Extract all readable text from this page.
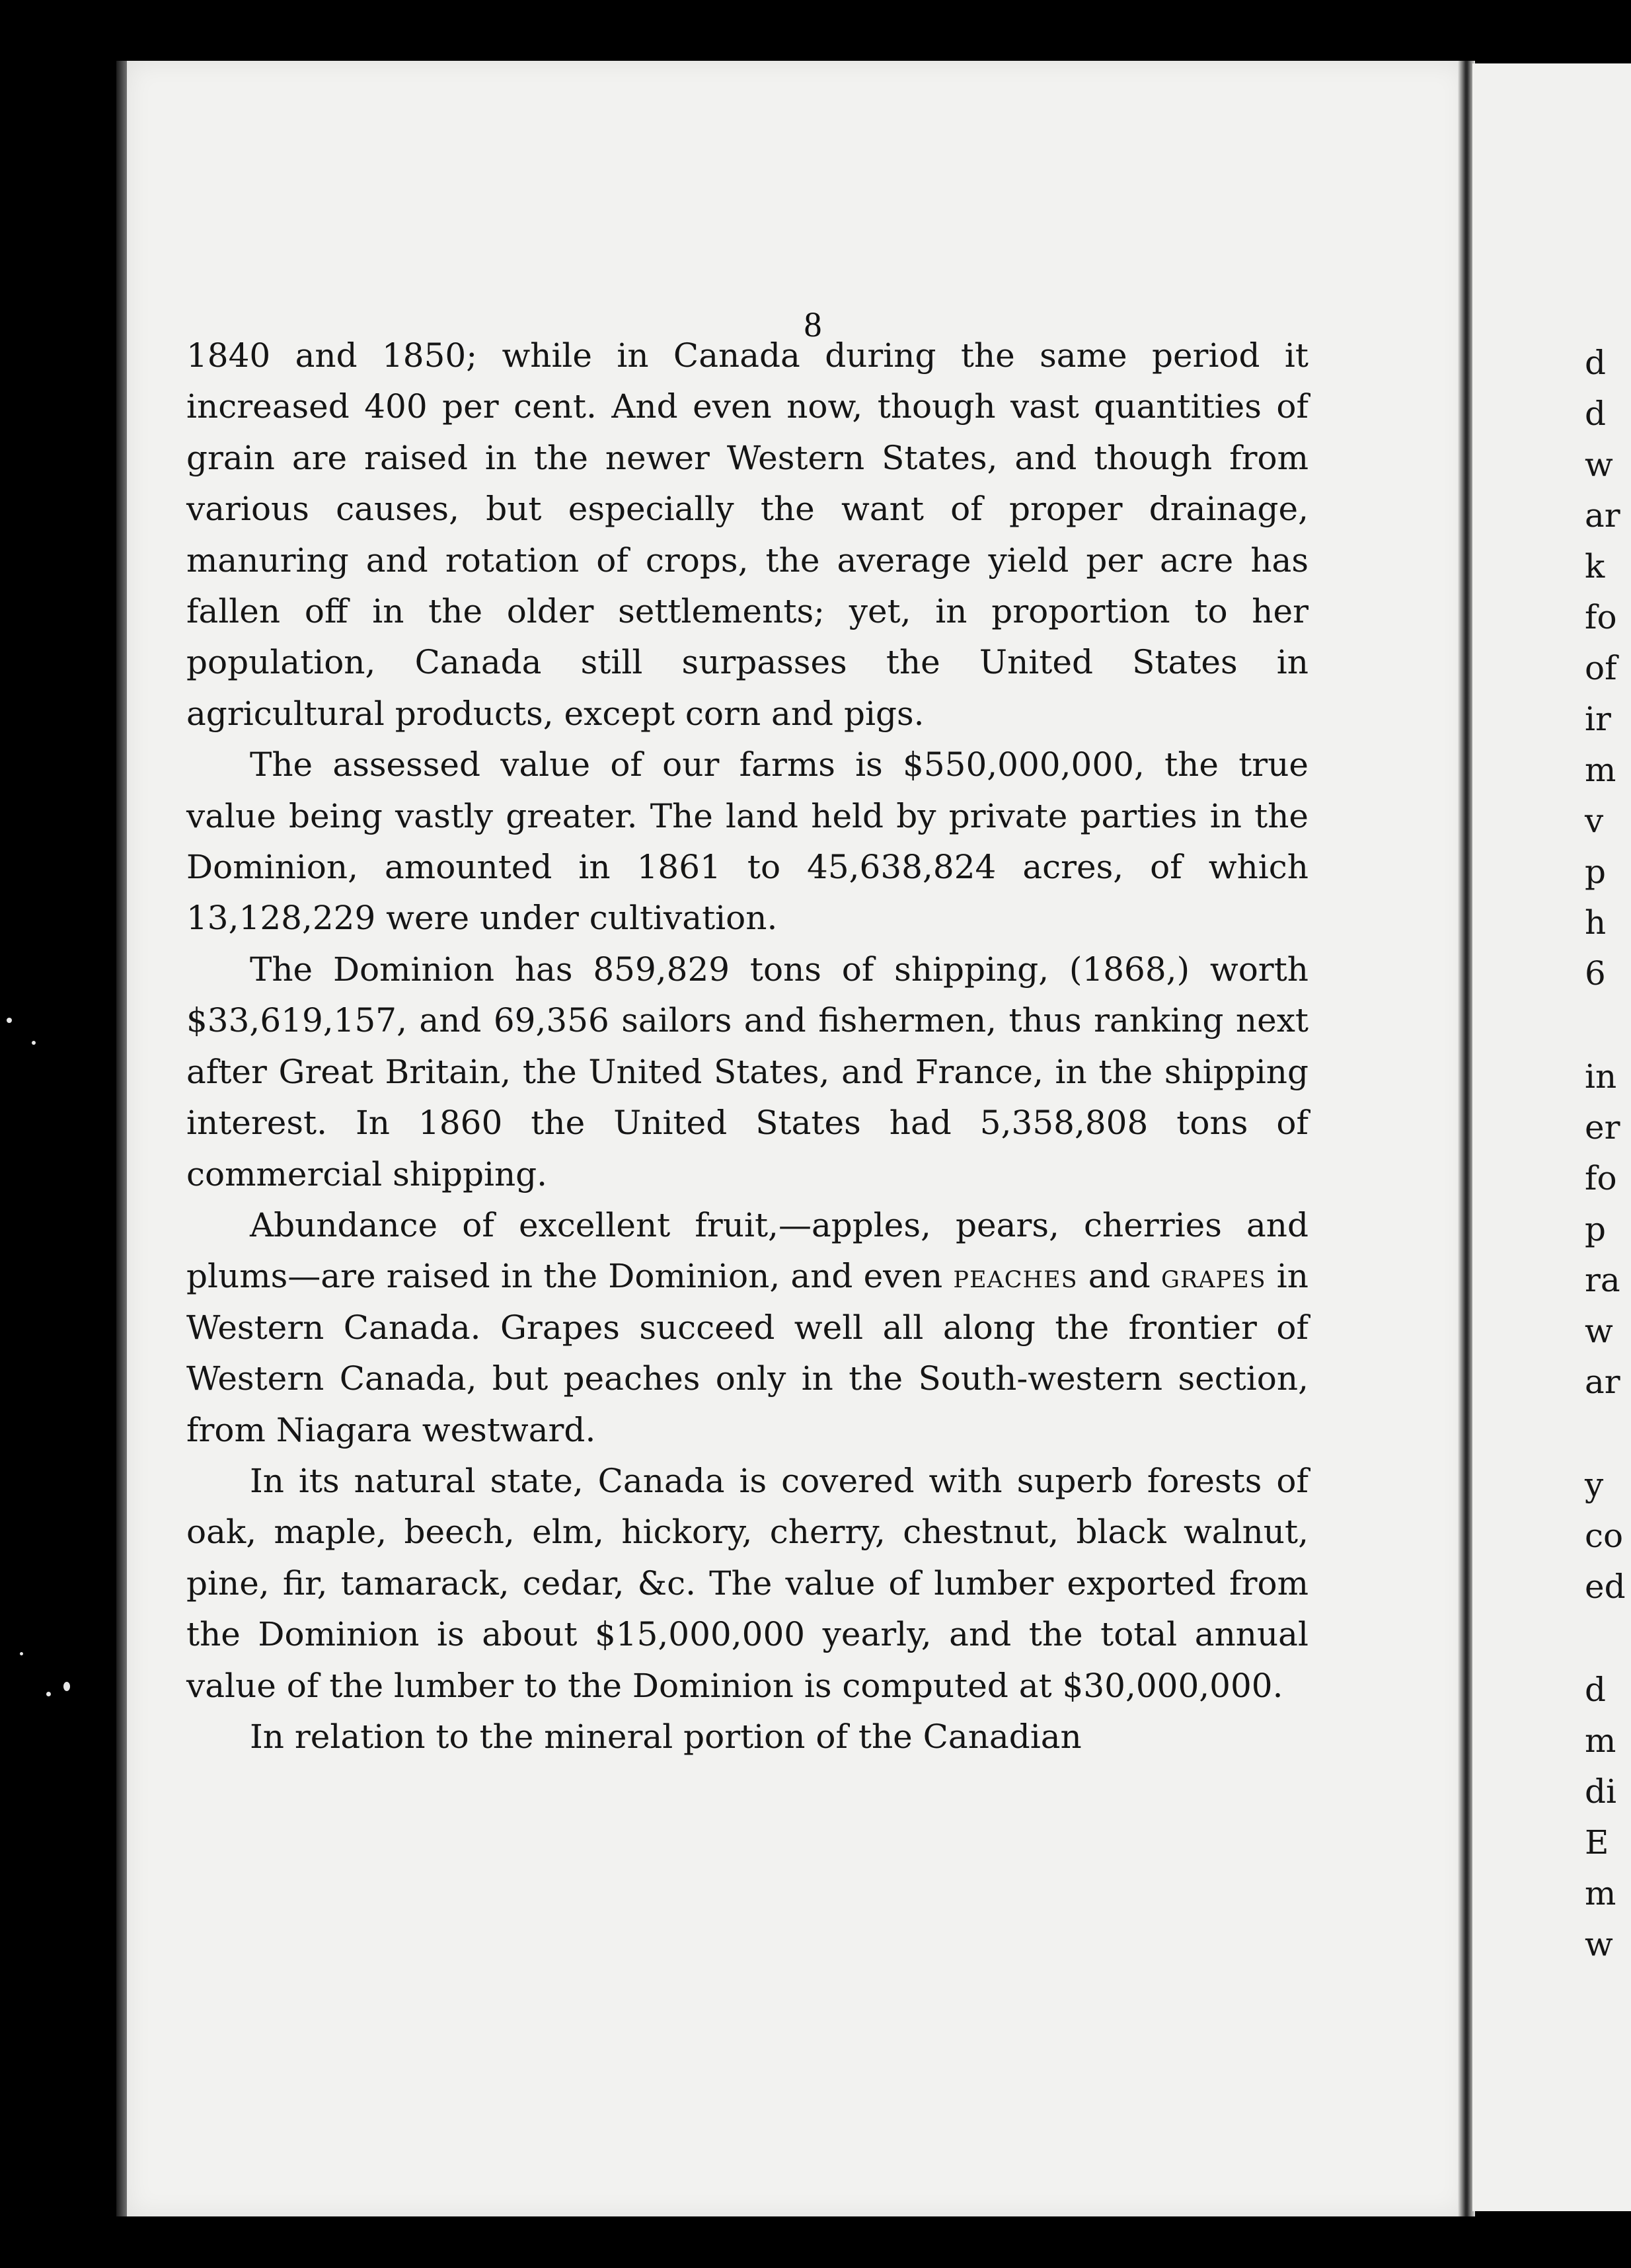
8

1840 and 1850; while in Canada during the same period it increased 400 per cent. And even now, though vast quantities of grain are raised in the newer Western States, and though from various causes, but especially the want of proper drainage, manuring and rotation of crops, the average yield per acre has fallen off in the older settlements; yet, in proportion to her population, Canada still surpasses the United States in agricultural products, except corn and pigs.

The assessed value of our farms is $550,000,000, the true value being vastly greater. The land held by private parties in the Dominion, amounted in 1861 to 45,638,824 acres, of which 13,128,229 were under cultivation.

The Dominion has 859,829 tons of shipping, (1868,) worth $33,619,157, and 69,356 sailors and fishermen, thus ranking next after Great Britain, the United States, and France, in the shipping interest. In 1860 the United States had 5,358,808 tons of commercial shipping.

Abundance of excellent fruit,—apples, pears, cherries and plums—are raised in the Dominion, and even peaches and grapes in Western Canada. Grapes succeed well all along the frontier of Western Canada, but peaches only in the South-western section, from Niagara westward.

In its natural state, Canada is covered with superb forests of oak, maple, beech, elm, hickory, cherry, chestnut, black walnut, pine, fir, tamarack, cedar, &c. The value of lumber exported from the Dominion is about $15,000,000 yearly, and the total annual value of the lumber to the Dominion is computed at $30,000,000.

In relation to the mineral portion of the Canadian

d
d
w
ar
k
fo
of
ir
m
v
p
h
6
in
er
fo
p
ra
w
ar
y
co
ed
d
m
di
E
m
w
